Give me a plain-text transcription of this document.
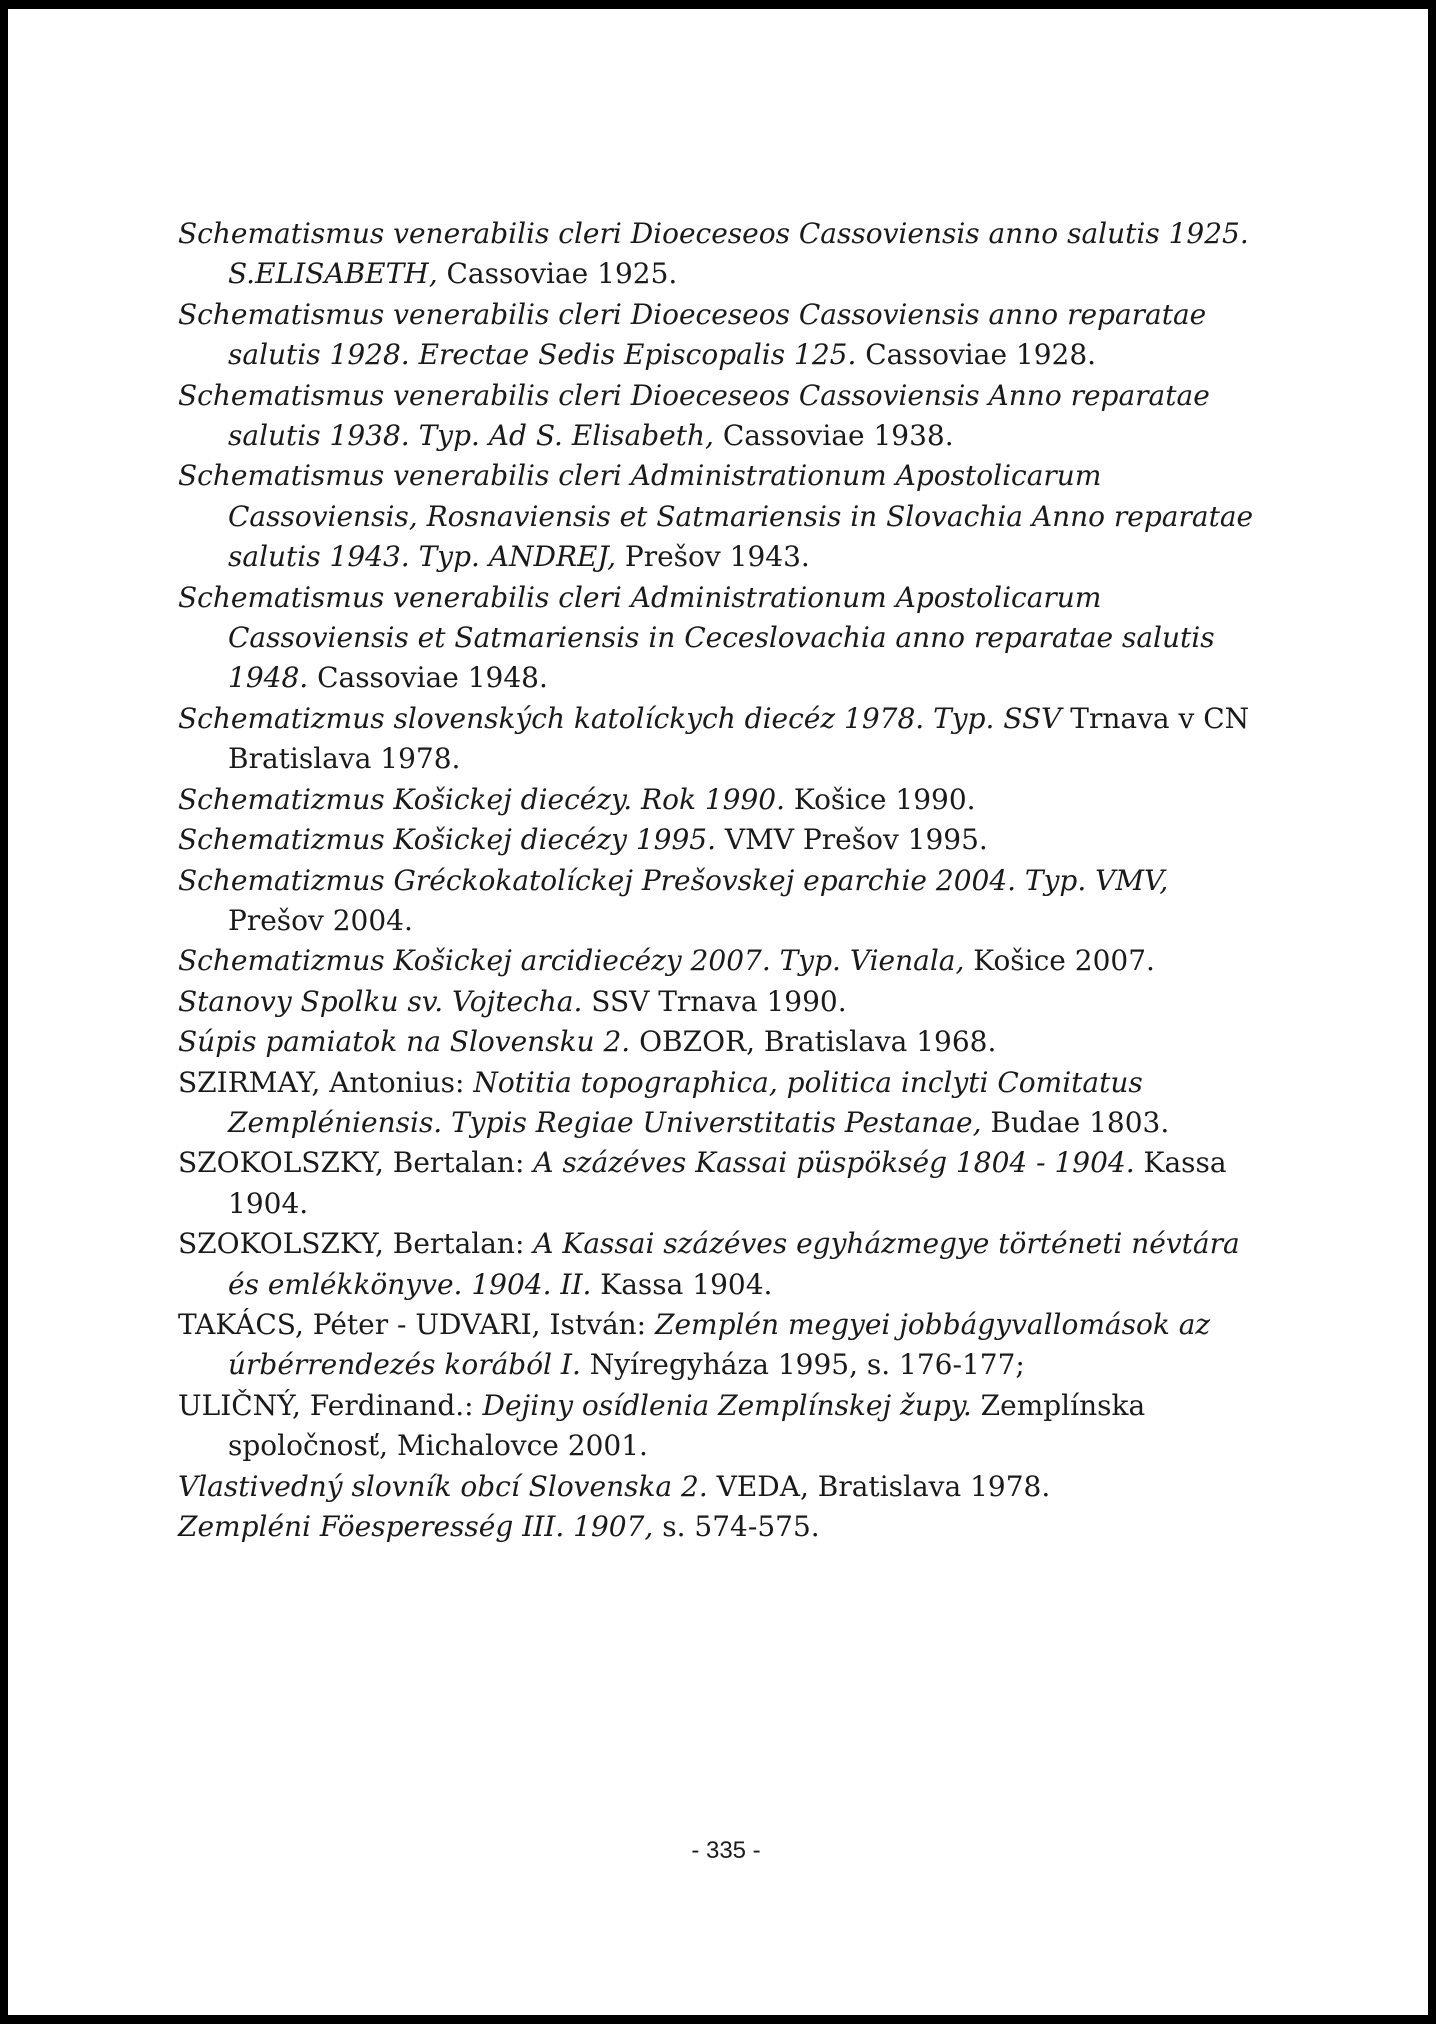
Schematismus venerabilis cleri Dioeceseos Cassoviensis anno salutis 1925. S.ELISABETH, Cassoviae 1925.
Schematismus venerabilis cleri Dioeceseos Cassoviensis anno reparatae salutis 1928. Erectae Sedis Episcopalis 125. Cassoviae 1928.
Schematismus venerabilis cleri Dioeceseos Cassoviensis Anno reparatae salutis 1938. Typ. Ad S. Elisabeth, Cassoviae 1938.
Schematismus venerabilis cleri Administrationum Apostolicarum Cassoviensis, Rosnaviensis et Satmariensis in Slovachia Anno reparatae salutis 1943. Typ. ANDREJ, Prešov 1943.
Schematismus venerabilis cleri Administrationum Apostolicarum Cassoviensis et Satmariensis in Ceceslovachia anno reparatae salutis 1948. Cassoviae 1948.
Schematizmus slovenských katolíckych diecéz 1978. Typ. SSV Trnava v CN Bratislava 1978.
Schematizmus Košickej diecézy. Rok 1990. Košice 1990.
Schematizmus Košickej diecézy 1995. VMV Prešov 1995.
Schematizmus Gréckokatolíckej Prešovskej eparchie 2004. Typ. VMV, Prešov 2004.
Schematizmus Košickej arcidiecézy 2007. Typ. Vienala, Košice 2007.
Stanovy Spolku sv. Vojtecha. SSV Trnava 1990.
Súpis pamiatok na Slovensku 2. OBZOR, Bratislava 1968.
SZIRMAY, Antonius: Notitia topographica, politica inclyti Comitatus Zempléniensis. Typis Regiae Universtitatis Pestanae, Budae 1803.
SZOKOLSZKY, Bertalan: A százéves Kassai püspökség 1804 - 1904. Kassa 1904.
SZOKOLSZKY, Bertalan: A Kassai százéves egyházmegye történeti névtára és emlékkönyve. 1904. II. Kassa 1904.
TAKÁCS, Péter - UDVARI, István: Zemplén megyei jobbágyvallomások az úrbérrendezés korából I. Nyíregyháza 1995, s. 176-177;
ULIČNÝ, Ferdinand.: Dejiny osídlenia Zemplínskej župy. Zemplínska spoločnosť, Michalovce 2001.
Vlastivedný slovník obcí Slovenska 2. VEDA, Bratislava 1978.
Zempléni Föesperesség III. 1907, s. 574-575.
- 335 -
